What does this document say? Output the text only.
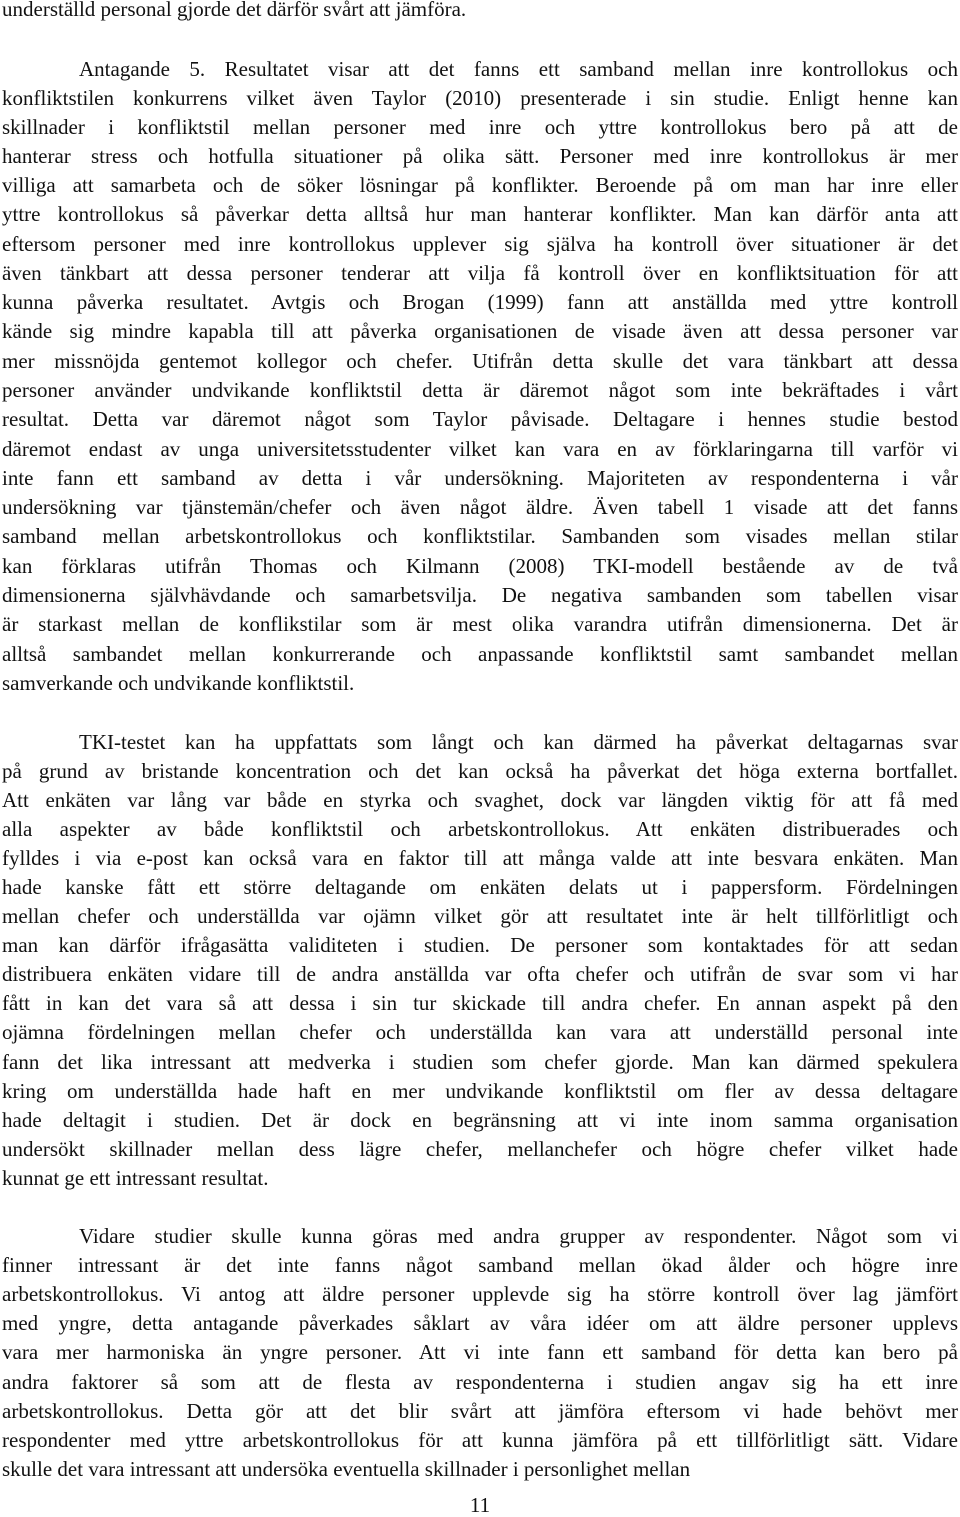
underställd personal gjorde det därför svårt att jämföra.
Antagande 5. Resultatet visar att det fanns ett samband mellan inre kontrollokus och
konfliktstilen konkurrens vilket även Taylor (2010) presenterade i sin studie. Enligt henne kan
skillnader i konfliktstil mellan personer med inre och yttre kontrollokus bero på att de
hanterar stress och hotfulla situationer på olika sätt. Personer med inre kontrollokus är mer
villiga att samarbeta och de söker lösningar på konflikter. Beroende på om man har inre eller
yttre kontrollokus så påverkar detta alltså hur man hanterar konflikter. Man kan därför anta att
eftersom personer med inre kontrollokus upplever sig själva ha kontroll över situationer är det
även tänkbart att dessa personer tenderar att vilja få kontroll över en konfliktsituation för att
kunna påverka resultatet. Avtgis och Brogan (1999) fann att anställda med yttre kontroll
kände sig mindre kapabla till att påverka organisationen de visade även att dessa personer var
mer missnöjda gentemot kollegor och chefer. Utifrån detta skulle det vara tänkbart att dessa
personer använder undvikande konfliktstil detta är däremot något som inte bekräftades i vårt
resultat. Detta var däremot något som Taylor påvisade. Deltagare i hennes studie bestod
däremot endast av unga universitetsstudenter vilket kan vara en av förklaringarna till varför vi
inte fann ett samband av detta i vår undersökning. Majoriteten av respondenterna i vår
undersökning var tjänstemän/chefer och även något äldre. Även tabell 1 visade att det fanns
samband mellan arbetskontrollokus och konfliktstilar. Sambanden som visades mellan stilar
kan förklaras utifrån Thomas och Kilmann (2008) TKI-modell bestående av de två
dimensionerna självhävdande och samarbetsvilja. De negativa sambanden som tabellen visar
är starkast mellan de konflikstilar som är mest olika varandra utifrån dimensionerna. Det är
alltså sambandet mellan konkurrerande och anpassande konfliktstil samt sambandet mellan
samverkande och undvikande konfliktstil.
TKI-testet kan ha uppfattats som långt och kan därmed ha påverkat deltagarnas svar
på grund av bristande koncentration och det kan också ha påverkat det höga externa bortfallet.
Att enkäten var lång var både en styrka och svaghet, dock var längden viktig för att få med
alla aspekter av både konfliktstil och arbetskontrollokus. Att enkäten distribuerades och
fylldes i via e-post kan också vara en faktor till att många valde att inte besvara enkäten. Man
hade kanske fått ett större deltagande om enkäten delats ut i pappersform. Fördelningen
mellan chefer och underställda var ojämn vilket gör att resultatet inte är helt tillförlitligt och
man kan därför ifrågasätta validiteten i studien. De personer som kontaktades för att sedan
distribuera enkäten vidare till de andra anställda var ofta chefer och utifrån de svar som vi har
fått in kan det vara så att dessa i sin tur skickade till andra chefer. En annan aspekt på den
ojämna fördelningen mellan chefer och underställda kan vara att underställd personal inte
fann det lika intressant att medverka i studien som chefer gjorde. Man kan därmed spekulera
kring om underställda hade haft en mer undvikande konfliktstil om fler av dessa deltagare
hade deltagit i studien. Det är dock en begränsning att vi inte inom samma organisation
undersökt skillnader mellan dess lägre chefer, mellanchefer och högre chefer vilket hade
kunnat ge ett intressant resultat.
Vidare studier skulle kunna göras med andra grupper av respondenter. Något som vi
finner intressant är det inte fanns något samband mellan ökad ålder och högre inre
arbetskontrollokus. Vi antog att äldre personer upplevde sig ha större kontroll över lag jämfört
med yngre, detta antagande påverkades såklart av våra idéer om att äldre personer upplevs
vara mer harmoniska än yngre personer. Att vi inte fann ett samband för detta kan bero på
andra faktorer så som att de flesta av respondenterna i studien angav sig ha ett inre
arbetskontrollokus. Detta gör att det blir svårt att jämföra eftersom vi hade behövt mer
respondenter med yttre arbetskontrollokus för att kunna jämföra på ett tillförlitligt sätt. Vidare
skulle det vara intressant att undersöka eventuella skillnader i personlighet mellan
11
